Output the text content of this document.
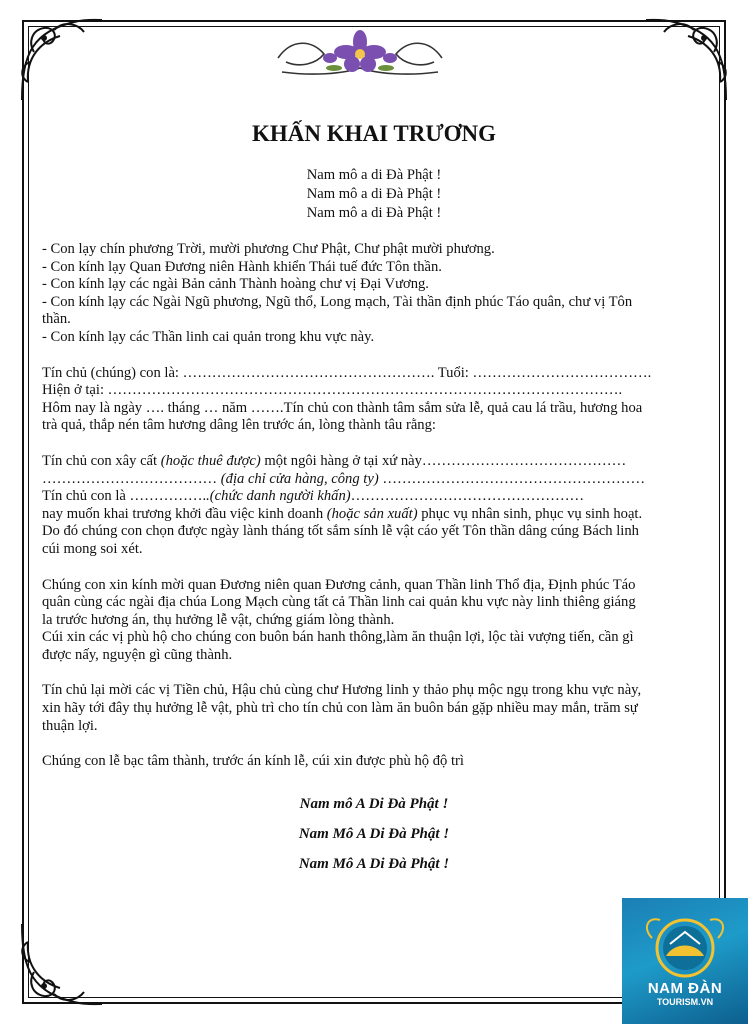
KHẤN KHAI TRƯƠNG
Nam mô a di Đà Phật !
Nam mô a di Đà Phật !
Nam mô a di Đà Phật !
- Con lạy chín phương Trời, mười phương Chư Phật, Chư phật mười phương.
- Con kính lạy Quan Đương niên Hành khiển Thái tuế đức Tôn thần.
- Con kính lạy các ngài Bản cảnh Thành hoàng chư vị Đại Vương.
- Con kính lạy các Ngài Ngũ phương, Ngũ thổ, Long mạch, Tài thần định phúc Táo quân, chư vị Tôn
thần.
- Con kính lạy các Thần linh cai quản trong khu vực này.
Tín chủ (chúng) con là: ……………………………………………. Tuổi: ……………………………….
Hiện ở tại: …………………………………………………………………………………………….
Hôm nay là ngày …. tháng … năm …….Tín chủ con thành tâm sắm sửa lễ, quả cau lá trầu, hương hoa
trà quả, thắp nén tâm hương dâng lên trước án, lòng thành tâu rằng:
Tín chủ con xây cất (hoặc thuê được) một ngôi hàng ở tại xứ này……………………………………
……………………………… (địa chỉ cửa hàng, công ty) ………………………………………………
Tín chủ con là ……………..(chức danh người khấn)…………………………………………
nay muốn khai trương khởi đầu việc kinh doanh (hoặc sản xuất) phục vụ nhân sinh, phục vụ sinh hoạt.
Do đó chúng con chọn được ngày lành tháng tốt sắm sính lễ vật cáo yết Tôn thần dâng cúng Bách linh
cúi mong soi xét.
Chúng con xin kính mời quan Đương niên quan Đương cảnh, quan Thần linh Thổ địa, Định phúc Táo
quân cùng các ngài địa chúa Long Mạch cùng tất cả Thần linh cai quản khu vực này linh thiêng giáng
la trước hương án, thụ hưởng lễ vật, chứng giám lòng thành.
Cúi xin các vị phù hộ cho chúng con buôn bán hanh thông,làm ăn thuận lợi, lộc tài vượng tiến, cần gì
được nấy, nguyện gì cũng thành.
Tín chủ lại mời các vị Tiền chủ, Hậu chủ cùng chư Hương linh y thảo phụ mộc ngụ trong khu vực này,
xin hãy tới đây thụ hưởng lễ vật, phù trì cho tín chủ con làm ăn buôn bán gặp nhiều may mắn, trăm sự
thuận lợi.
Chúng con lễ bạc tâm thành, trước án kính lễ, cúi xin được phù hộ độ trì
Nam mô A Di Đà Phật !
Nam Mô A Di Đà Phật !
Nam Mô A Di Đà Phật !
NAM ĐÀN
TOURISM.VN
